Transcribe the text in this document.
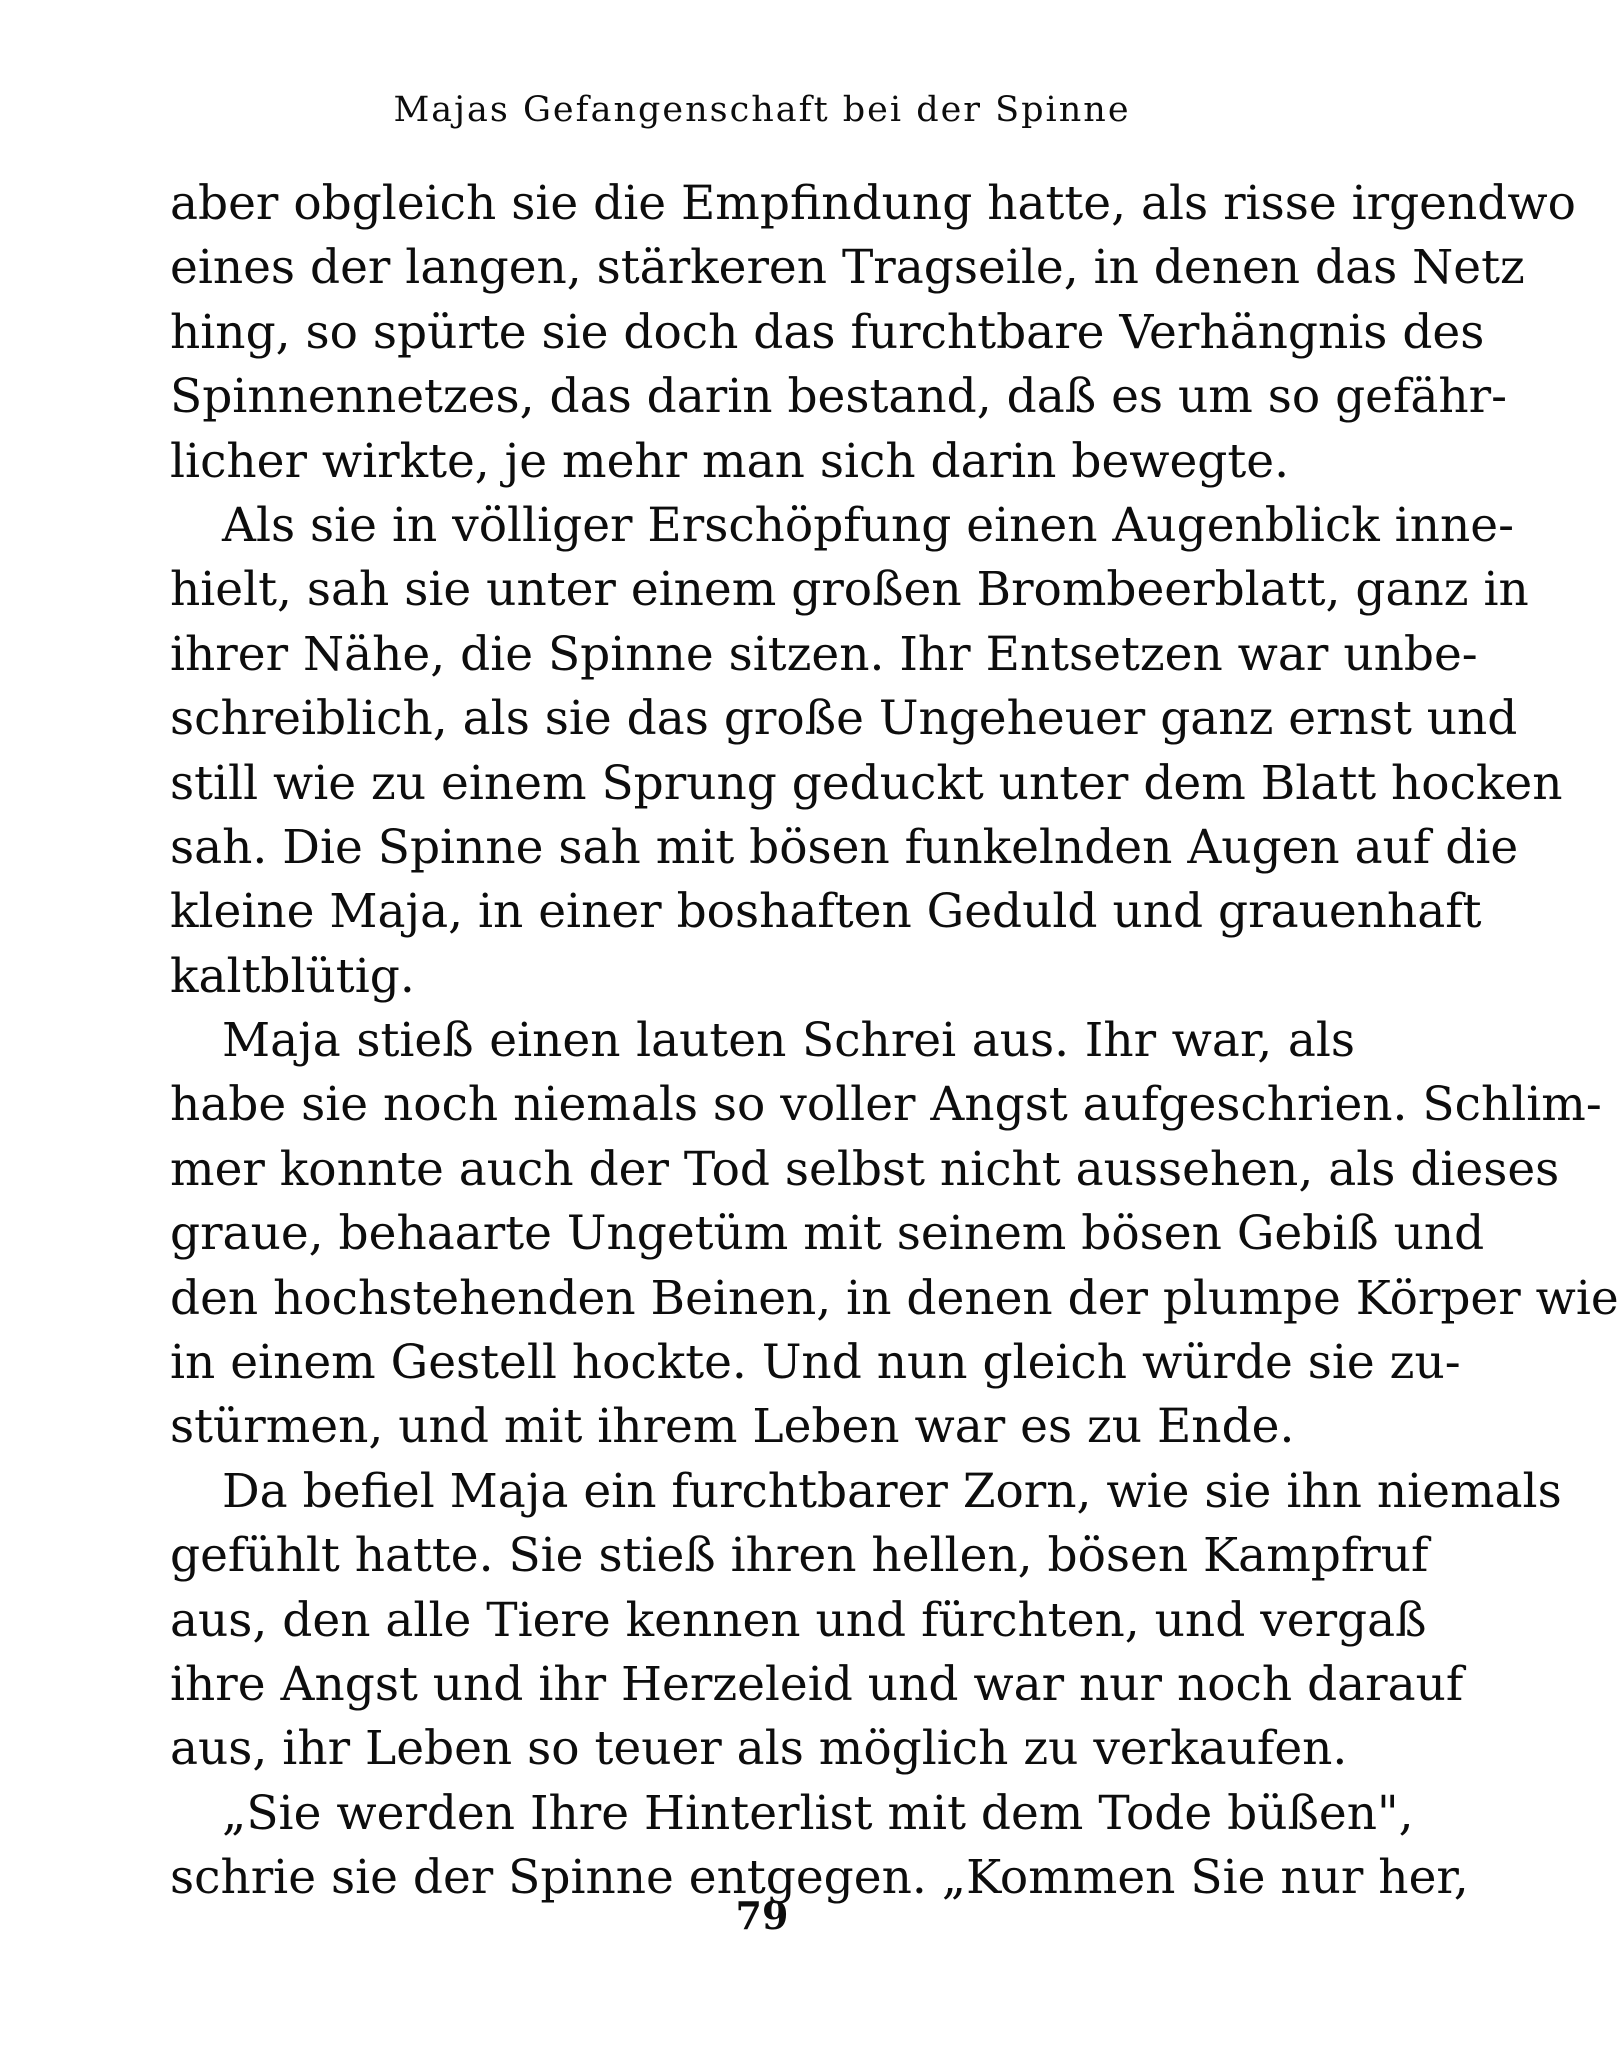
Majas Gefangenschaft bei der Spinne
aber obgleich sie die Empfindung hatte, als risse irgendwo
eines der langen, stärkeren Tragseile, in denen das Netz
hing, so spürte sie doch das furchtbare Verhängnis des
Spinnennetzes, das darin bestand, daß es um so gefähr-
licher wirkte, je mehr man sich darin bewegte.
Als sie in völliger Erschöpfung einen Augenblick inne-
hielt, sah sie unter einem großen Brombeerblatt, ganz in
ihrer Nähe, die Spinne sitzen. Ihr Entsetzen war unbe-
schreiblich, als sie das große Ungeheuer ganz ernst und
still wie zu einem Sprung geduckt unter dem Blatt hocken
sah. Die Spinne sah mit bösen funkelnden Augen auf die
kleine Maja, in einer boshaften Geduld und grauenhaft
kaltblütig.
Maja stieß einen lauten Schrei aus. Ihr war, als
habe sie noch niemals so voller Angst aufgeschrien. Schlim-
mer konnte auch der Tod selbst nicht aussehen, als dieses
graue, behaarte Ungetüm mit seinem bösen Gebiß und
den hochstehenden Beinen, in denen der plumpe Körper wie
in einem Gestell hockte. Und nun gleich würde sie zu-
stürmen, und mit ihrem Leben war es zu Ende.
Da befiel Maja ein furchtbarer Zorn, wie sie ihn niemals
gefühlt hatte. Sie stieß ihren hellen, bösen Kampfruf
aus, den alle Tiere kennen und fürchten, und vergaß
ihre Angst und ihr Herzeleid und war nur noch darauf
aus, ihr Leben so teuer als möglich zu verkaufen.
„Sie werden Ihre Hinterlist mit dem Tode büßen",
schrie sie der Spinne entgegen. „Kommen Sie nur her,
79
